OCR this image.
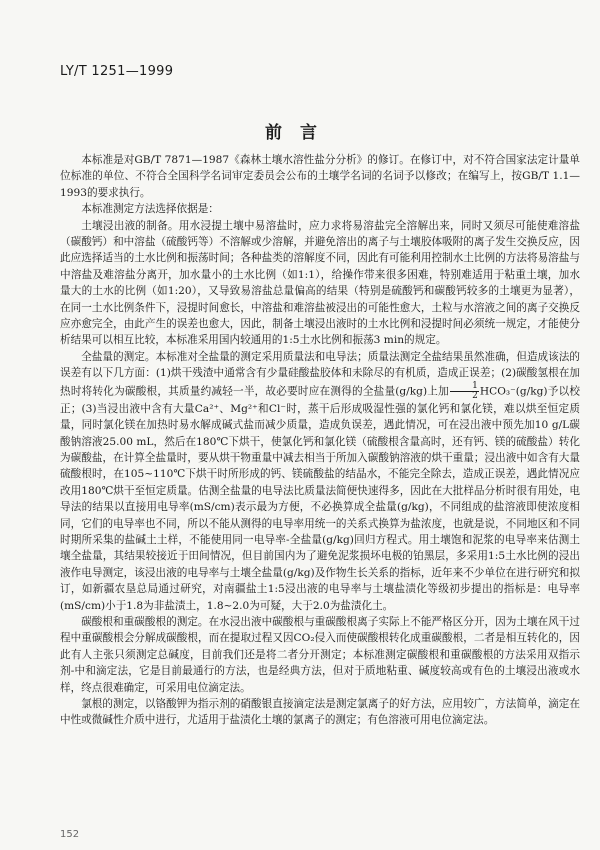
LY/T 1251—1999
前言

本标准是对GB/T 7871—1987《森林土壤水溶性盐分分析》的修订。在修订中，对不符合国家法定计量单位标准的单位、不符合全国科学名词审定委员会公布的土壤学名词的名词予以修改；在编写上，按GB/T 1.1—1993的要求执行。

本标准测定方法选择依据是：

土壤浸出液的制备。用水浸提土壤中易溶盐时，应力求将易溶盐完全溶解出来，同时又须尽可能使难溶盐（碳酸钙）和中溶盐（硫酸钙等）不溶解或少溶解，并避免溶出的离子与土壤胶体吸附的离子发生交换反应，因此应选择适当的土水比例和振荡时间；各种盐类的溶解度不同，因此有可能利用控制水土比例的方法将易溶盐与中溶盐及难溶盐分离开，加水量小的土水比例（如1:1），给操作带来很多困难，特别难适用于粘重土壤，加水量大的土水的比例（如1:20），又导致易溶盐总量偏高的结果（特别是硫酸钙和碳酸钙较多的土壤更为显著），在同一土水比例条件下，浸提时间愈长，中溶盐和难溶盐被浸出的可能性愈大，土粒与水溶液之间的离子交换反应亦愈完全，由此产生的误差也愈大，因此，制备土壤浸出液时的土水比例和浸提时间必须统一规定，才能使分析结果可以相互比较，本标准采用国内较通用的1:5土水比例和振荡3 min的规定。

全盐量的测定。本标准对全盐量的测定采用质量法和电导法；质量法测定全盐结果虽然准确，但造成该法的误差有以下几方面：(1)烘干残渣中通常含有少量硅酸盐胶体和未除尽的有机质，造成正误差；(2)碳酸氢根在加热时将转化为碳酸根，其质量约减轻一半，故必要时应在测得的全盐量(g/kg)上加 $\frac{1}{2} HCO_3^-(g/kg)$予以校正；(3)当浸出液中含有大量Ca²⁺、Mg²⁺和Cl⁻时，蒸干后形成吸湿性强的氯化钙和氯化镁，难以烘至恒定质量，同时氯化镁在加热时易水解成碱式盐而减少质量，造成负误差，遇此情况，可在浸出液中预先加10 g/L碳酸钠溶液25.00 mL，然后在180℃下烘干，使氯化钙和氯化镁（硫酸根含量高时，还有钙、镁的硫酸盐）转化为碳酸盐，在计算全盐量时，要从烘干物重量中减去相当于所加入碳酸钠溶液的烘干重量；浸出液中如含有大量硫酸根时，在105~110℃下烘干时所形成的钙、镁硫酸盐的结晶水，不能完全除去，造成正误差，遇此情况应改用180℃烘干至恒定质量。估测全盐量的电导法比质量法简便快速得多，因此在大批样品分析时很有用处，电导法的结果以直接用电导率(mS/cm)表示最为方便，不必换算成全盐量(g/kg)，不同组成的盐溶液即使浓度相同，它们的电导率也不同，所以不能从测得的电导率用统一的关系式换算为盐浓度，也就是说，不同地区和不同时期所采集的盐碱土土样，不能使用同一电导率-全盐量(g/kg)回归方程式。用土壤饱和泥浆的电导率来估测土壤全盐量，其结果较接近于田间情况，但目前国内为了避免泥浆损坏电极的铂黑层，多采用1:5土水比例的浸出液作电导测定，该浸出液的电导率与土壤全盐量(g/kg)及作物生长关系的指标，近年来不少单位在进行研究和拟订，如新疆农垦总局通过研究，对南疆盐土1:5浸出液的电导率与土壤盐渍化等级初步提出的指标是：电导率(mS/cm)小于1.8为非盐渍土，1.8~2.0为可疑，大于2.0为盐渍化土。

碳酸根和重碳酸根的测定。在水浸出液中碳酸根与重碳酸根离子实际上不能严格区分开，因为土壤在风干过程中重碳酸根会分解成碳酸根，而在提取过程又因CO₂侵入而使碳酸根转化成重碳酸根，二者是相互转化的，因此有人主张只须测定总碱度，目前我们还是将二者分开测定；本标准测定碳酸根和重碳酸根的方法采用双指示剂-中和滴定法，它是目前最通行的方法，也是经典方法，但对于质地粘重、碱度较高或有色的土壤浸出液或水样，终点很难确定，可采用电位滴定法。

氯根的测定，以铬酸钾为指示剂的硝酸银直接滴定法是测定氯离子的好方法，应用较广，方法简单，滴定在中性或微碱性介质中进行，尤适用于盐渍化土壤的氯离子的测定；有色溶液可用电位滴定法。

152
